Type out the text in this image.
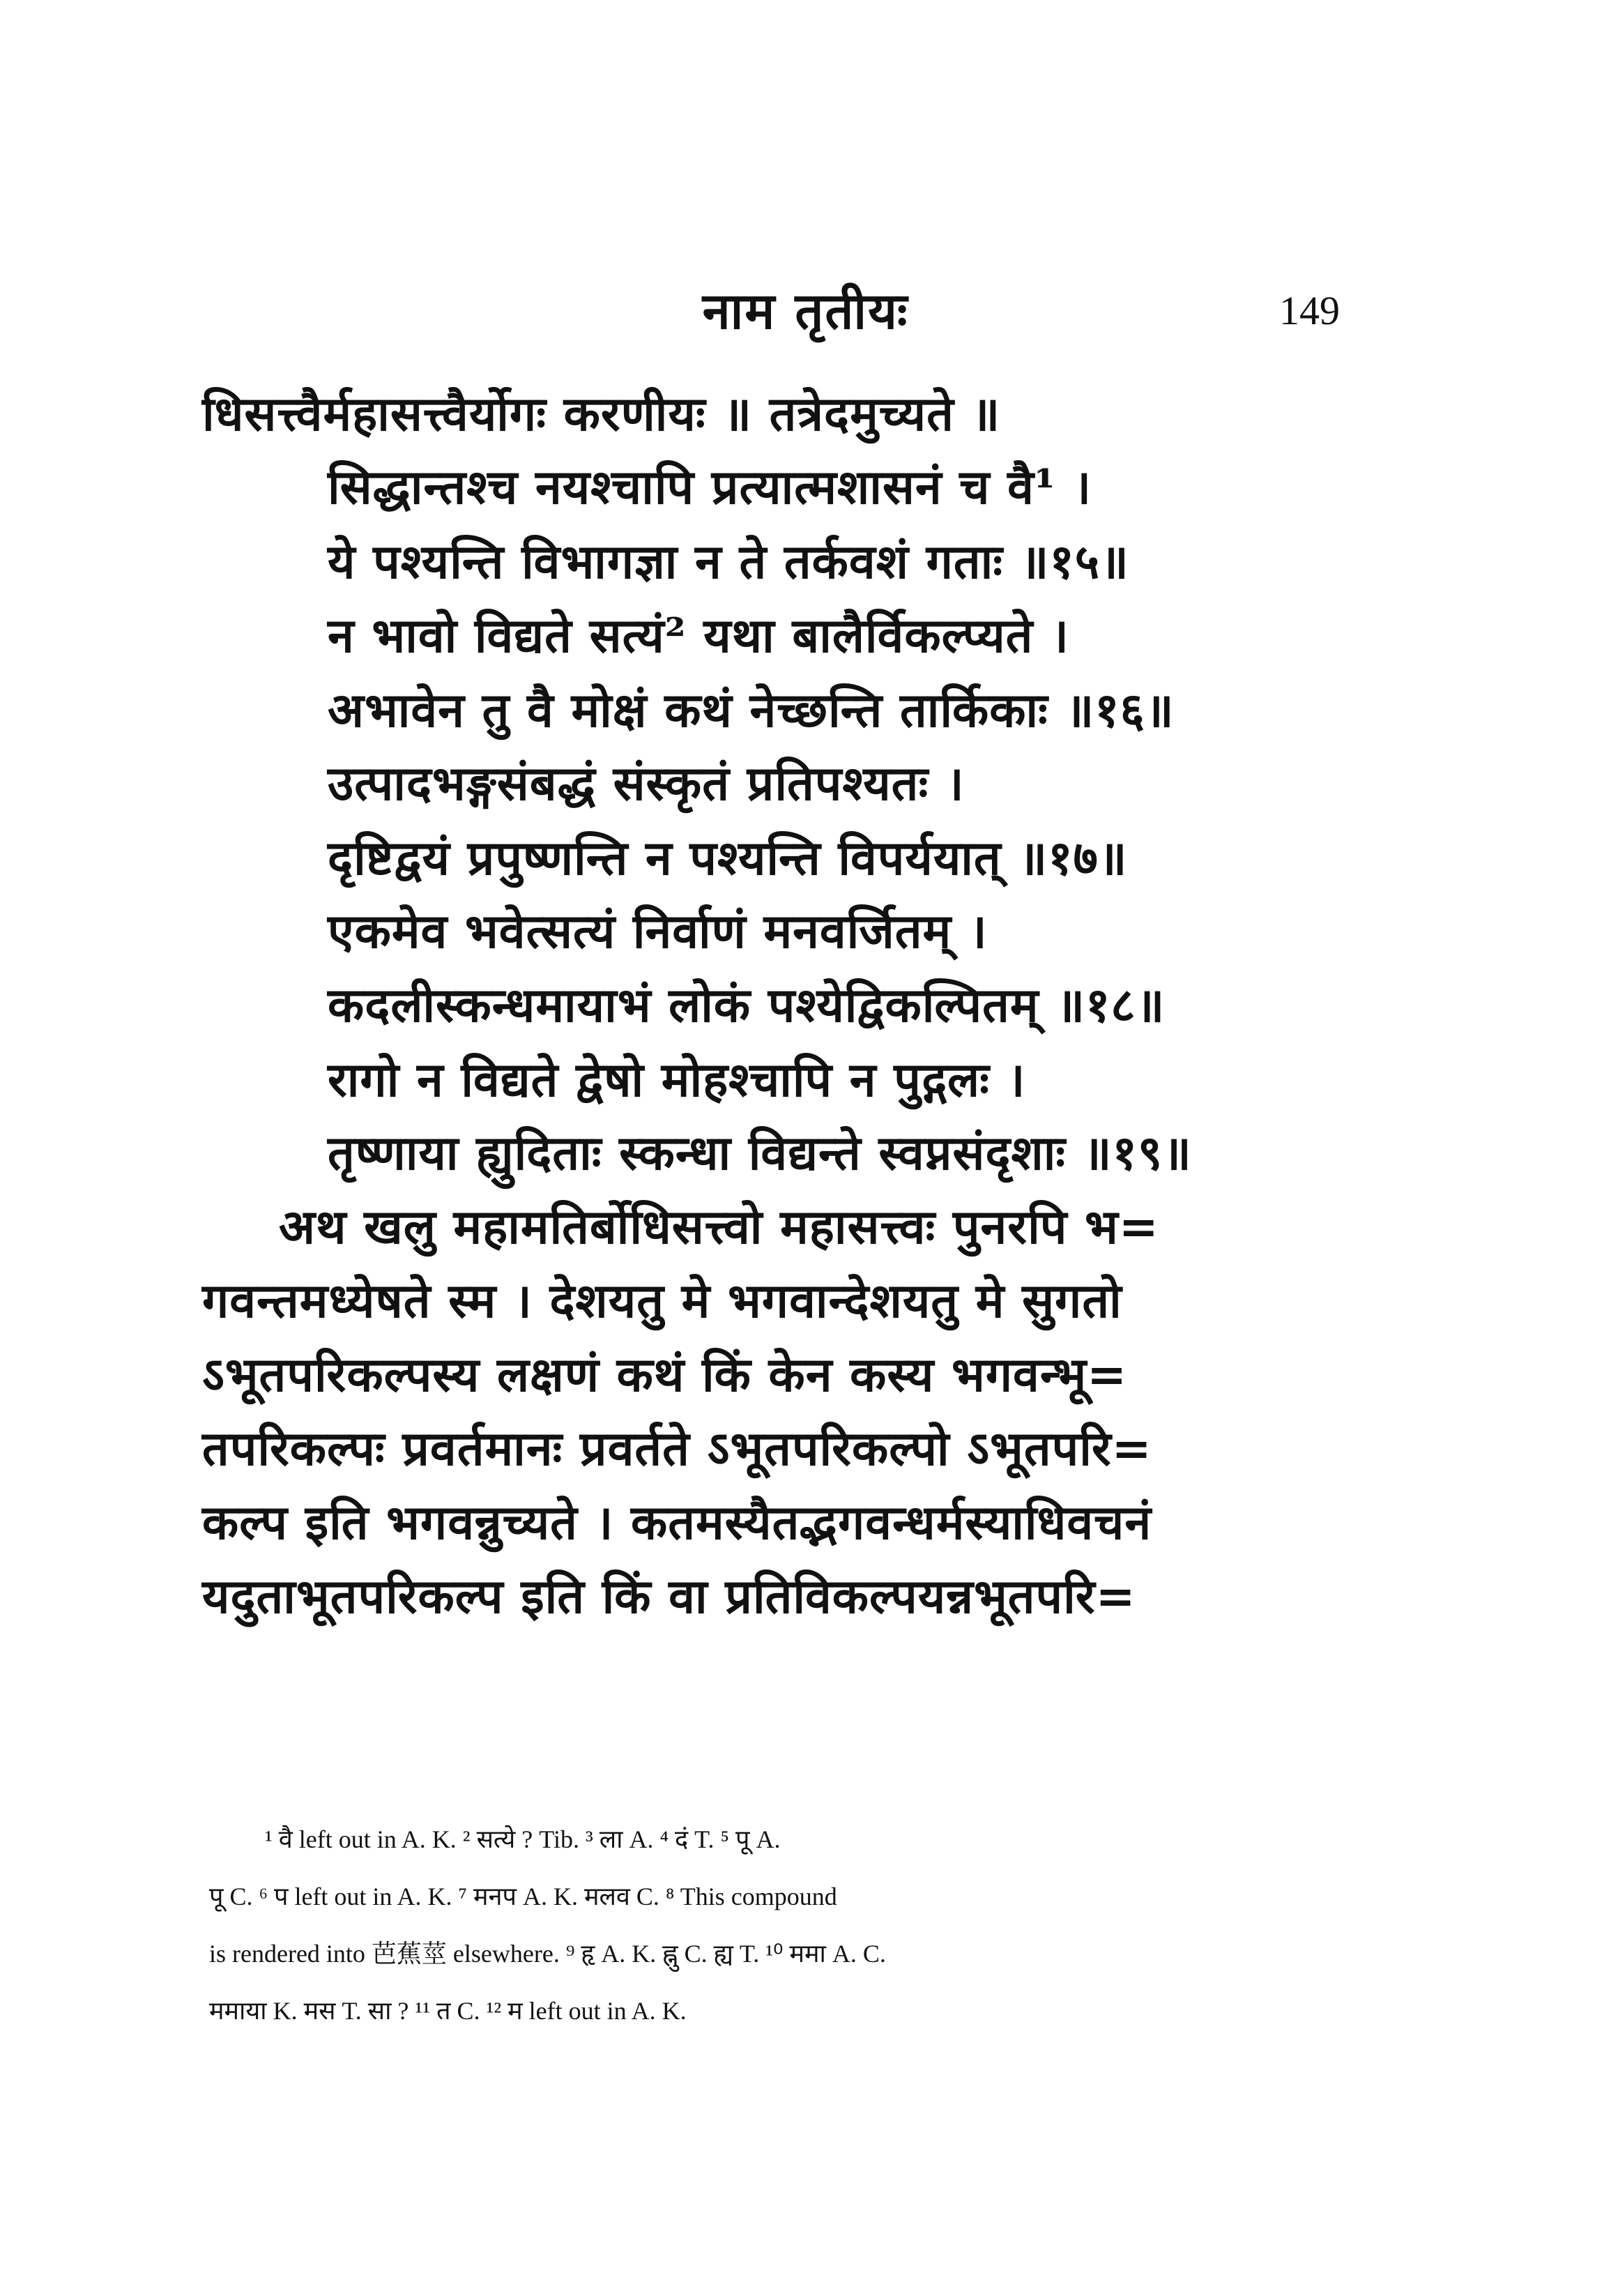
नाम तृतीयः	149
धिसत्त्वैर्महासत्त्वैर्योगः करणीयः ॥ तत्रेदमुच्यते ॥
सिद्धान्तश्च नयश्चापि प्रत्यात्मशासनं च वै¹ ।
ये पश्यन्ति विभागज्ञा न ते तर्कवशं गताः ॥१५॥
न भावो विद्यते सत्यं² यथा बालैर्विकल्प्यते ।
अभावेन तु वै मोक्षं कथं नेच्छन्ति तार्किकाः ॥१६॥
उत्पादभङ्गसंबद्धं संस्कृतं प्रतिपश्यतः ।
दृष्टिद्वयं प्रपुष्णन्ति न पश्यन्ति विपर्ययात् ॥१७॥
एकमेव भवेत्सत्यं निर्वाणं मनवर्जितम् ।
कदलीस्कन्धमायाभं लोकं पश्येद्विकल्पितम् ॥१८॥
रागो न विद्यते द्वेषो मोहश्चापि न पुद्गलः ।
तृष्णाया ह्युदिताः स्कन्धा विद्यन्ते स्वप्नसंदृशाः ॥१९॥
अथ खलु महामतिर्बोधिसत्त्वो महासत्त्वः पुनरपि भ=
गवन्तमध्येषते स्म । देशयतु मे भगवान्देशयतु मे सुगतो
ऽभूतपरिकल्पस्य लक्षणं कथं किं केन कस्य भगवन्भू=
तपरिकल्पः प्रवर्तमानः प्रवर्तते ऽभूतपरिकल्पो ऽभूतपरि=
कल्प इति भगवन्नुच्यते । कतमस्यैतद्भगवन्धर्मस्याधिवचनं
यदुताभूतपरिकल्प इति किं वा प्रतिविकल्पयन्नभूतपरि=
¹ वै left out in A. K. ² सत्ये ? Tib. ³ ला A. ⁴ दं T. ⁵ पू A.
पू C. ⁶ प left out in A. K. ⁷ मनप A. K. मलव C. ⁸ This compound
is rendered into 芭蕉莖 elsewhere. ⁹ हृ A. K. ह्नु C. ह्य T. ¹⁰ ममा A. C.
ममाया K. मस T. सा ? ¹¹ त C. ¹² म left out in A. K.
